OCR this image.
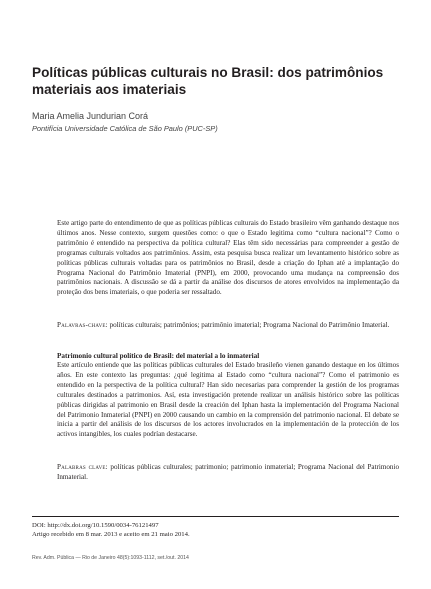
Políticas públicas culturais no Brasil: dos patrimônios materiais aos imateriais

Maria Amelia Jundurian Corá

Pontifícia Universidade Católica de São Paulo (PUC-SP)

Este artigo parte do entendimento de que as políticas públicas culturais do Estado brasileiro vêm ganhando destaque nos últimos anos. Nesse contexto, surgem questões como: o que o Estado legitima como “cultura nacional”? Como o patrimônio é entendido na perspectiva da política cultural? Elas têm sido necessárias para compreender a gestão de programas culturais voltados aos patrimônios. Assim, esta pesquisa busca realizar um levantamento histórico sobre as políticas públicas culturais voltadas para os patrimônios no Brasil, desde a criação do Iphan até a implantação do Programa Nacional do Patrimônio Imaterial (PNPI), em 2000, provocando uma mudança na compreensão dos patrimônios nacionais. A discussão se dá a partir da análise dos discursos de atores envolvidos na implementação da proteção dos bens imateriais, o que poderia ser ressaltado.

Palavras-chave: políticas culturais; patrimônios; patrimônio imaterial; Programa Nacional do Patrimônio Imaterial.

Patrimonio cultural político de Brasil: del material a lo inmaterial

Este artículo entiende que las políticas públicas culturales del Estado brasileño vienen ganando destaque en los últimos años. En este contexto las preguntas: ¿qué legitima al Estado como “cultura nacional”? Como el patrimonio es entendido en la perspectiva de la política cultural? Han sido necesarias para comprender la gestión de los programas culturales destinados a patrimonios. Así, esta investigación pretende realizar un análisis histórico sobre las políticas públicas dirigidas al patrimonio en Brasil desde la creación del Iphan hasta la implementación del Programa Nacional del Patrimonio Inmaterial (PNPI) en 2000 causando un cambio en la comprensión del patrimonio nacional. El debate se inicia a partir del análisis de los discursos de los actores involucrados en la implementación de la protección de los activos intangibles, los cuales podrían destacarse.

Palabras clave: políticas públicas culturales; patrimonio; patrimonio inmaterial; Programa Nacional del Patrimonio Inmaterial.

DOI: http://dx.doi.org/10.1590/0034-76121497

Artigo recebido em 8 mar. 2013 e aceito em 21 maio 2014.

Rev. Adm. Pública — Rio de Janeiro 48(5):1093-1112, set./out. 2014
